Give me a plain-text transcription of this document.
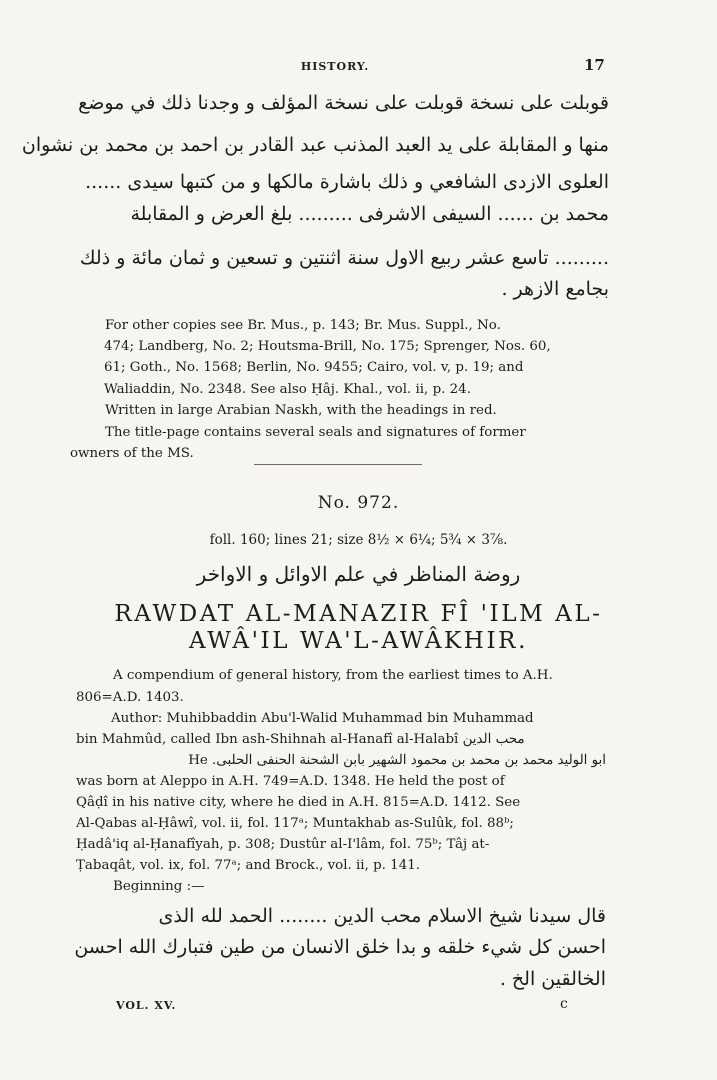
HISTORY.	17
قوبلت على نسخة قوبلت على نسخة المؤلف و وجدنا ذلك في موضع
منها و المقابلة على يد العبد المذنب عبد القادر بن احمد بن محمد بن نشوان
العلوى الازدى الشافعي و ذلك باشارة مالكها و من كتبها سيدى ......
محمد بن ...... السيفى الاشرفى ......... بلغ العرض و المقابلة
......... تاسع عشر ربيع الاول سنة اثنتين و تسعين و ثمان مائة و ذلك
بجامع الازهر .
For other copies see Br. Mus., p. 143; Br. Mus. Suppl., No.
474; Landberg, No. 2; Houtsma-Brill, No. 175; Sprenger, Nos. 60,
61; Goth., No. 1568; Berlin, No. 9455; Cairo, vol. v, p. 19; and
Waliaddin, No. 2348. See also Ḥâj. Khal., vol. ii, p. 24.
Written in large Arabian Naskh, with the headings in red.
The title-page contains several seals and signatures of former
owners of the MS.
No. 972.
foll. 160; lines 21; size 8½ × 6¼; 5¾ × 3⅞.
روضة المناظر في علم الاوائل و الاواخر
RAWDAT AL-MANAZIR FÎ 'ILM AL-
AWÂ'IL WA'L-AWÂKHIR.
A compendium of general history, from the earliest times to A.H.
806=A.D. 1403.
Author: Muhibbaddin Abu'l-Walid Muhammad bin Muhammad
bin Mahmûd, called Ibn ash-Shihnah al-Hanafî al-Halabî محب الدين
ابو الوليد محمد بن محمد بن محمود الشهير بابن الشحنة الحنفى الحلبى. He
was born at Aleppo in A.H. 749=A.D. 1348. He held the post of
Qâḍî in his native city, where he died in A.H. 815=A.D. 1412. See
Al-Qabas al-Ḥâwî, vol. ii, fol. 117ᵃ; Muntakhab as-Sulûk, fol. 88ᵇ;
Ḥadâ'iq al-Ḥanafîyah, p. 308; Dustûr al-I'lâm, fol. 75ᵇ; Tâj at-
Ṭabaqât, vol. ix, fol. 77ᵃ; and Brock., vol. ii, p. 141.
Beginning :—
قال سيدنا شيخ الاسلام محب الدين ........ الحمد لله الذى
احسن كل شيء خلقه و بدا خلق الانسان من طين فتبارك الله احسن
الخالقين الخ .
VOL. XV.	c
